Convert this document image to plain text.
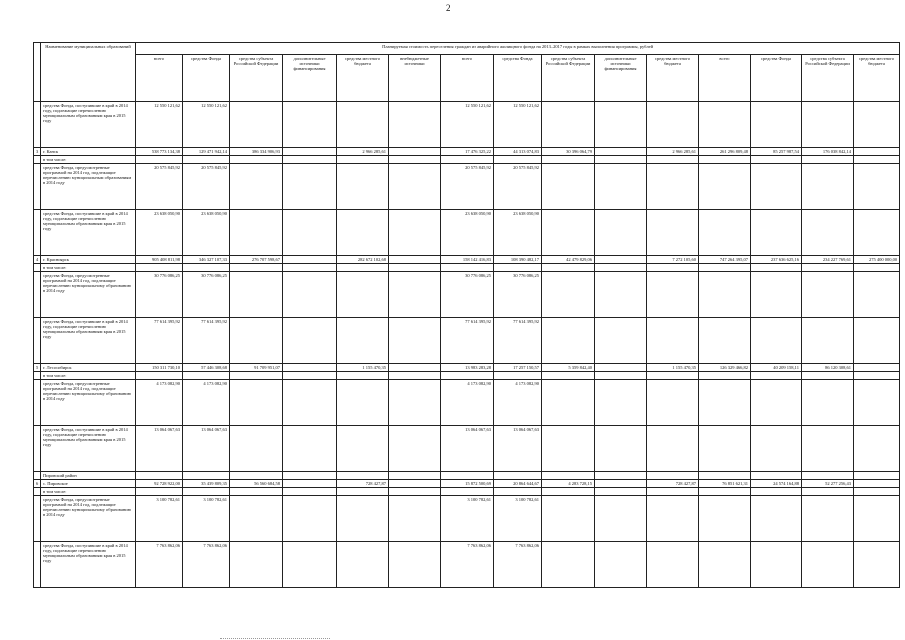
2
	Наименование муниципальных образований	Планируемая стоимость переселения граждан из аварийного жилищного фонда на 2013–2017 годы в рамках выполнения программы, рублей														
		всего	средства Фонда	средства субъекта Российской Федерации	дополнительные источники финансирования	средства местного бюджета	внебюджетные источники	всего	средства Фонда	средства субъекта Российской Федерации	дополнительные источники финансирования	средства местного бюджета	всего	средства Фонда	средства субъекта Российской Федерации	средства местного бюджета
	средства Фонда, поступившие в край в 2014 году, подлежащие перечислению муниципальным образованиям края в 2015 году	12 550 121,62	12 550 121,62					12 550 121,62	12 550 121,62							
3	г. Канск	538 773 134,38	129 471 942,14	386 334 906,93		2 966 285,61		17 476 325,22	44 313 074,83	30 396 064,79		2 966 285,61	261 296 809,48	85 257 987,54	176 038 842,14	
	в том числе:															
	средства Фонда, предусмотренные программой на 2014 год, подлежащие перечислению муниципальным образованиям в 2014 году	20 575 845,92	20 575 845,92					20 575 845,92	20 575 845,92							
	средства Фонда, поступившие в край в 2014 году, подлежащие перечислению муниципальным образованиям края в 2015 году	23 638 050,90	23 638 050,90					23 638 050,90	23 638 050,90							
4	г. Красноярск	905 408 811,98	346 327 107,33	276 707 598,67		282 672 102,68		158 142 416,83	108 390 482,17	42 479 829,06		7 272 105,60	747 264 395,07	237 636 625,16	234 227 769,61	275 400 000,00
	в том числе:															
	средства Фонда, предусмотренные программой на 2014 год, подлежащие перечислению муниципальному образованию в 2014 году	30 776 086,25	30 776 086,25					30 776 086,25	30 776 086,25							
	средства Фонда, поступившие в край в 2014 году, подлежащие перечислению муниципальным образованиям края в 2015 году	77 614 395,92	77 614 395,92					77 614 395,92	77 614 395,92							
5	г. Лесосибирск	150 311 730,10	57 446 308,68	91 709 951,07		1 155 470,35		13 983 283,28	17 257 150,57	5 359 842,40		1 155 470,35	126 329 466,82	40 209 158,11	86 120 308,61	
	в том числе:															
	средства Фонда, предусмотренные программой на 2014 год, подлежащие перечислению муниципальному образованию в 2014 году	4 173 082,90	4 173 082,90					4 173 082,90	4 173 082,90							
	средства Фонда, поступившие в край в 2014 году, подлежащие перечислению муниципальным образованиям края в 2015 году	13 064 067,63	13 064 067,63					13 064 067,63	13 064 067,63							
	Пировский район															
6	с. Пировское	92 728 922,00	35 439 809,35	56 560 684,58		728 427,87		15 872 500,69	20 864 644,67	4 283 728,15		728 427,87	76 851 621,31	24 574 164,88	52 277 256,43	
	в том числе:															
	средства Фонда, предусмотренные программой на 2014 год, подлежащие перечислению муниципальному образованию в 2014 году	3 100 782,61	3 100 782,61					3 100 782,61	3 100 782,61							
	средства Фонда, поступившие в край в 2014 году, подлежащие перечислению муниципальным образованиям края в 2015 году	7 763 862,06	7 763 862,06					7 763 862,06	7 763 862,06							
